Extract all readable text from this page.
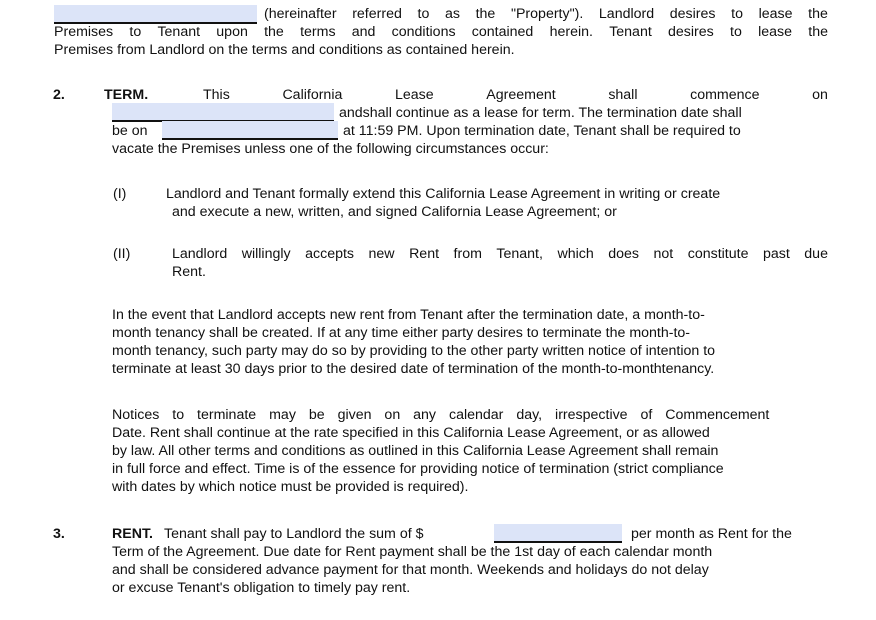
(hereinafter referred to as the "Property"). Landlord desires to lease the
Premises to Tenant upon the terms and conditions contained herein. Tenant desires to lease the
Premises from Landlord on the terms and conditions as contained herein.
2.	TERM.	This	California	Lease	Agreement	shall	commence	on
andshall continue as a lease for term. The termination date shall
be on	at 11:59 PM. Upon termination date, Tenant shall be required to
vacate the Premises unless one of the following circumstances occur:
(I)	Landlord and Tenant formally extend this California Lease Agreement in writing or create
and execute a new, written, and signed California Lease Agreement; or
(II)	Landlord willingly accepts new Rent from Tenant, which does not constitute past due
Rent.
In the event that Landlord accepts new rent from Tenant after the termination date, a month-to-
month tenancy shall be created. If at any time either party desires to terminate the month-to-
month tenancy, such party may do so by providing to the other party written notice of intention to
terminate at least 30 days prior to the desired date of termination of the month-to-monthtenancy.
Notices to terminate may be given on any calendar day, irrespective of Commencement
Date. Rent shall continue at the rate specified in this California Lease Agreement, or as allowed
by law. All other terms and conditions as outlined in this California Lease Agreement shall remain
in full force and effect. Time is of the essence for providing notice of termination (strict compliance
with dates by which notice must be provided is required).
3.	RENT. Tenant shall pay to Landlord the sum of $	per month as Rent for the
Term of the Agreement. Due date for Rent payment shall be the 1st day of each calendar month
and shall be considered advance payment for that month. Weekends and holidays do not delay
or excuse Tenant's obligation to timely pay rent.
